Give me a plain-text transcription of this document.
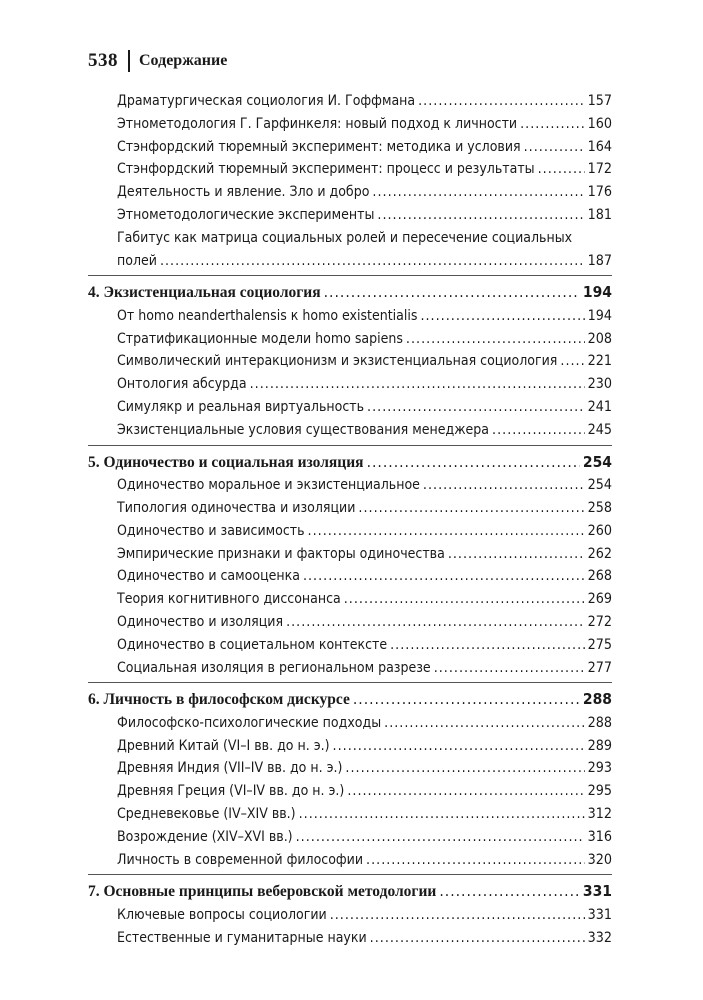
538 Содержание
Драматургическая социология И. Гоффмана .....	157
Этнометодология Г. Гарфинкеля: новый подход к личности .....	160
Стэнфордский тюремный эксперимент: методика и условия .....	164
Стэнфордский тюремный эксперимент: процесс и результаты .....	172
Деятельность и явление. Зло и добро .....	176
Этнометодологические эксперименты .....	181
Габитус как матрица социальных ролей и пересечение социальных
полей .....	187
4. Экзистенциальная социология .....	194
От homo neanderthalensis к homo existentialis .....	194
Стратификационные модели homo sapiens .....	208
Символический интеракционизм и экзистенциальная социология ..... 221
Онтология абсурда .....	230
Симулякр и реальная виртуальность .....	241
Экзистенциальные условия существования менеджера .....	245
5. Одиночество и социальная изоляция .....	254
Одиночество моральное и экзистенциальное .....	254
Типология одиночества и изоляции .....	258
Одиночество и зависимость .....	260
Эмпирические признаки и факторы одиночества .....	262
Одиночество и самооценка .....	268
Теория когнитивного диссонанса .....	269
Одиночество и изоляция .....	272
Одиночество в социетальном контексте .....	275
Социальная изоляция в региональном разрезе .....	277
6. Личность в философском дискурсе .....	288
Философско-психологические подходы .....	288
Древний Китай (VI–I вв. до н. э.) .....	289
Древняя Индия (VII–IV вв. до н. э.) .....	293
Древняя Греция (VI–IV вв. до н. э.) .....	295
Средневековье (IV–XIV вв.) .....	312
Возрождение (XIV–XVI вв.) .....	316
Личность в современной философии .....	320
7. Основные принципы веберовской методологии .....	331
Ключевые вопросы социологии .....	331
Естественные и гуманитарные науки .....	332
